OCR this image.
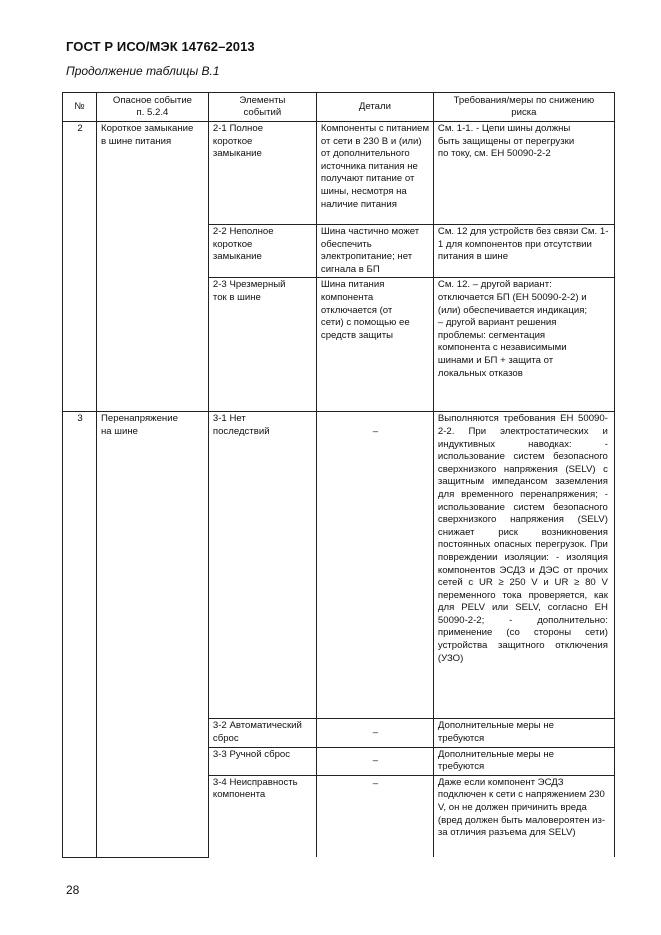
ГОСТ Р ИСО/МЭК 14762–2013
Продолжение таблицы В.1
№	Опасное событие п. 5.2.4	Элементы событий	Детали	Требования/меры по снижению риска

2	Короткое замыкание в шине питания	2-1 Полное короткое замыкание	Компоненты с питанием от сети в 230 В и (или) от дополнительного источника питания не получают питание от шины, несмотря на наличие питания	См. 1-1. - Цепи шины должны быть защищены от перегрузки по току, см. ЕН 50090-2-2
		2-2 Неполное короткое замыкание	Шина частично может обеспечить электропитание; нет сигнала в БП	См. 12 для устройств без связи См. 1-1 для компонентов при отсутствии питания в шине
		2-3 Чрезмерный ток в шине	Шина питания компонента отключается (от сети) с помощью ее средств защиты	См. 12. – другой вариант: отключается БП (ЕН 50090-2-2) и (или) обеспечивается индикация; – другой вариант решения проблемы: сегментация компонента с независимыми шинами и БП + защита от локальных отказов
3	Перенапряжение на шине	3-1 Нет последствий	–	Выполняются требования ЕН 50090-2-2. При электростатических и индуктивных наводках: - использование систем безопасного сверхнизкого напряжения (SELV) с защитным импедансом заземления для временного перенапряжения; - использование систем безопасного сверхнизкого напряжения (SELV) снижает риск возникновения постоянных опасных перегрузок. При повреждении изоляции: - изоляция компонентов ЭСДЗ и ДЭС от прочих сетей с UR ≥ 250 V и UR ≥ 80 V переменного тока проверяется, как для PELV или SELV, согласно ЕН 50090-2-2; - дополнительно: применение (со стороны сети) устройства защитного отключения (УЗО)
		3-2 Автоматический сброс	–	Дополнительные меры не требуются
		3-3 Ручной сброс	–	Дополнительные меры не требуются
		3-4 Неисправность компонента	–	Даже если компонент ЭСДЗ подключен к сети с напряжением 230 V, он не должен причинить вреда (вред должен быть маловероятен из-за отличия разъема для SELV)
28
